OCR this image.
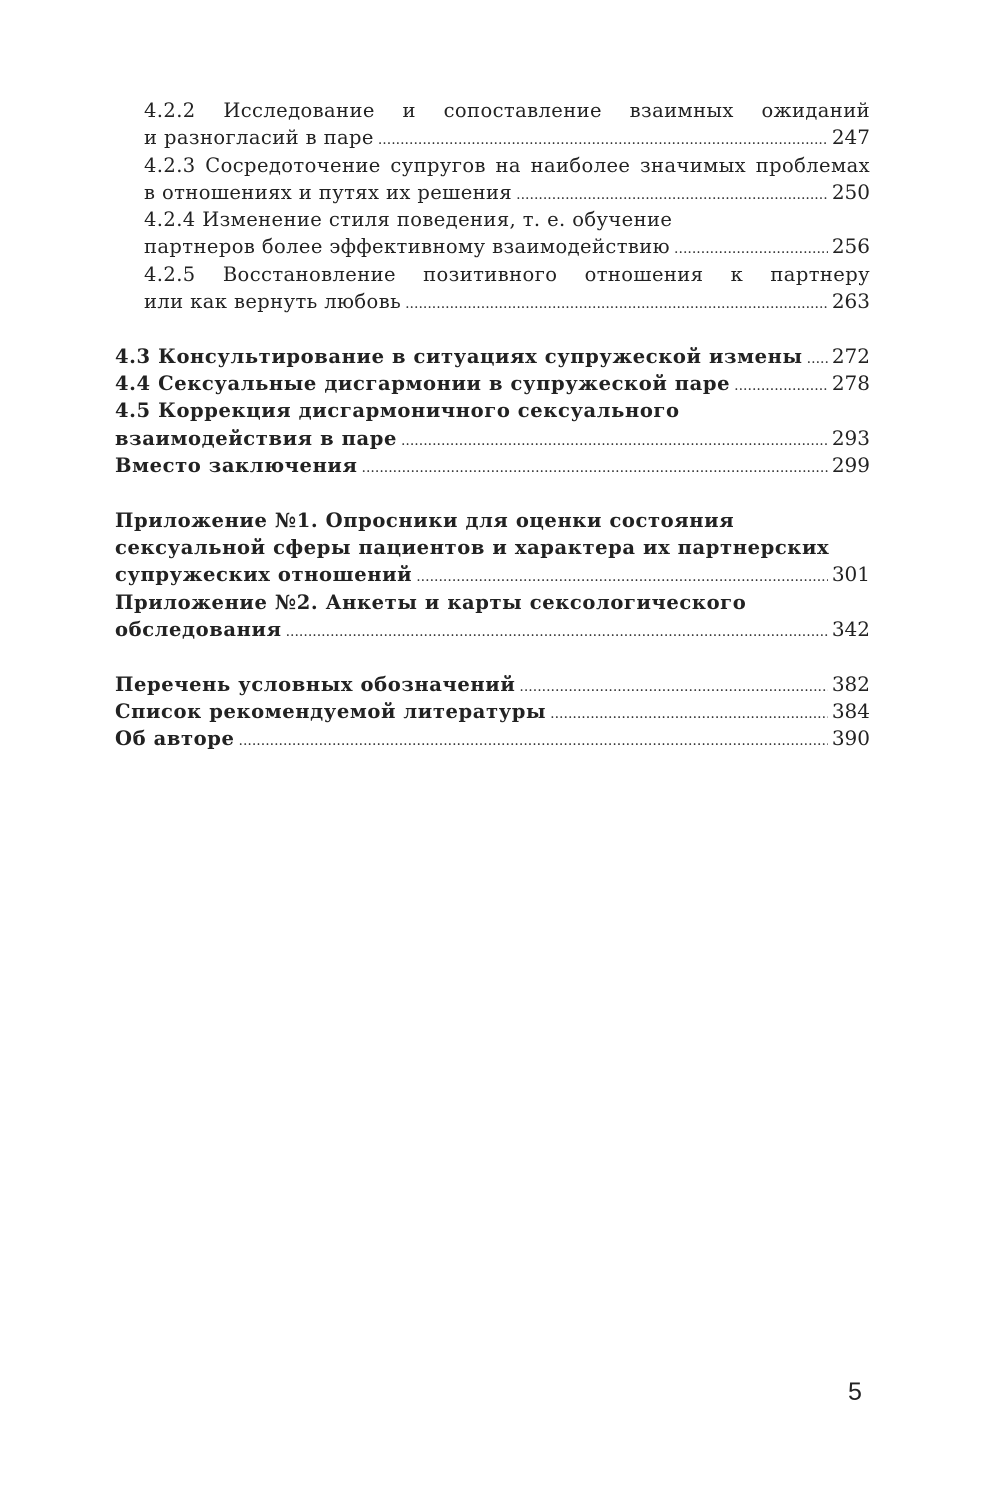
4.2.2 Исследование и сопоставление взаимных ожиданий
и разногласий в паре .....	247
4.2.3 Сосредоточение супругов на наиболее значимых проблемах
в отношениях и путях их решения .....	250
4.2.4 Изменение стиля поведения, т. е. обучение
партнеров более эффективному взаимодействию .....	256
4.2.5 Восстановление позитивного отношения к партнеру
или как вернуть любовь .....	263
4.3 Консультирование в ситуациях супружеской измены ..... 272
4.4 Сексуальные дисгармонии в супружеской паре .....	278
4.5 Коррекция дисгармоничного сексуального
взаимодействия в паре .....	293
Вместо заключения .....	299
Приложение №1. Опросники для оценки состояния
сексуальной сферы пациентов и характера их партнерских
супружеских отношений .....	301
Приложение №2. Анкеты и карты сексологического
обследования .....	342
Перечень условных обозначений .....	382
Список рекомендуемой литературы .....	384
Об авторе .....	390
5
